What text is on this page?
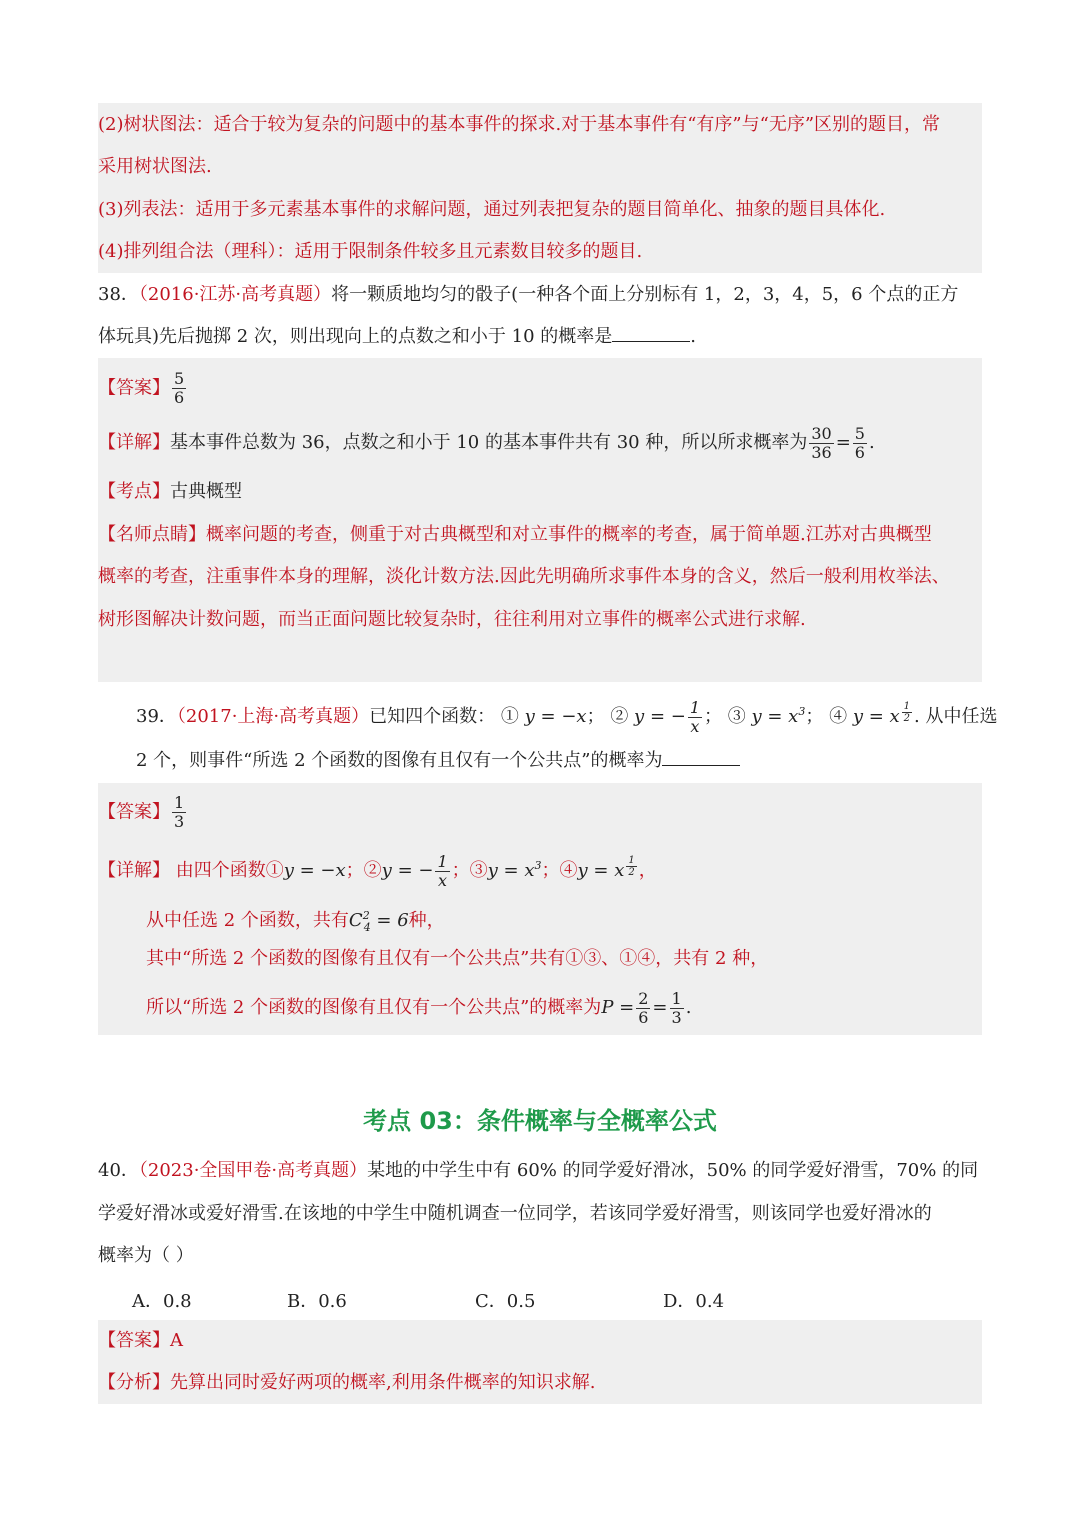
(2)树状图法：适合于较为复杂的问题中的基本事件的探求.对于基本事件有“有序”与“无序”区别的题目，常
采用树状图法.
(3)列表法：适用于多元素基本事件的求解问题，通过列表把复杂的题目简单化、抽象的题目具体化.
(4)排列组合法（理科）：适用于限制条件较多且元素数目较多的题目.
38．（2016·江苏·高考真题）将一颗质地均匀的骰子(一种各个面上分别标有 1，2，3，4，5，6 个点的正方
体玩具)先后抛掷 2 次，则出现向上的点数之和小于 10 的概率是	.
【答案】 $\frac{5}{6}$
【详解】基本事件总数为 36，点数之和小于 10 的基本事件共有 30 种，所以所求概率为 $\frac{30}{36} = \frac{5}{6}$ .
【考点】古典概型
【名师点睛】概率问题的考查，侧重于对古典概型和对立事件的概率的考查，属于简单题.江苏对古典概型
概率的考查，注重事件本身的理解，淡化计数方法.因此先明确所求事件本身的含义，然后一般利用枚举法、
树形图解决计数问题，而当正面问题比较复杂时，往往利用对立事件的概率公式进行求解.
39．（2017·上海·高考真题）已知四个函数： ① y = −x； ② y = − $\frac{1}{x}$ ； ③ $y = x^3$； ④ y = x $^{\frac{1}{2}}$ . 从中任选
2 个，则事件“所选 2 个函数的图像有且仅有一个公共点”的概率为
【答案】 $\frac{1}{3}$
【详解】 由四个函数①y = −x；②y = − $\frac{1}{x}$ ；③y = $x^3$；④y = x $^{\frac{1}{2}}$ ，
从中任选 2 个函数，共有$C^2_4 = 6$种，
其中“所选 2 个函数的图像有且仅有一个公共点”共有①③、①④，共有 2 种，
所以“所选 2 个函数的图像有且仅有一个公共点”的概率为$P = \frac{2}{6} = \frac{1}{3}$ .
考点 03：条件概率与全概率公式
40．（2023·全国甲卷·高考真题）某地的中学生中有 60% 的同学爱好滑冰，50% 的同学爱好滑雪，70% 的同
学爱好滑冰或爱好滑雪.在该地的中学生中随机调查一位同学，若该同学爱好滑雪，则该同学也爱好滑冰的
概率为（ ）
A．0.8	B．0.6	C．0.5	D．0.4
【答案】A
【分析】先算出同时爱好两项的概率,利用条件概率的知识求解.
